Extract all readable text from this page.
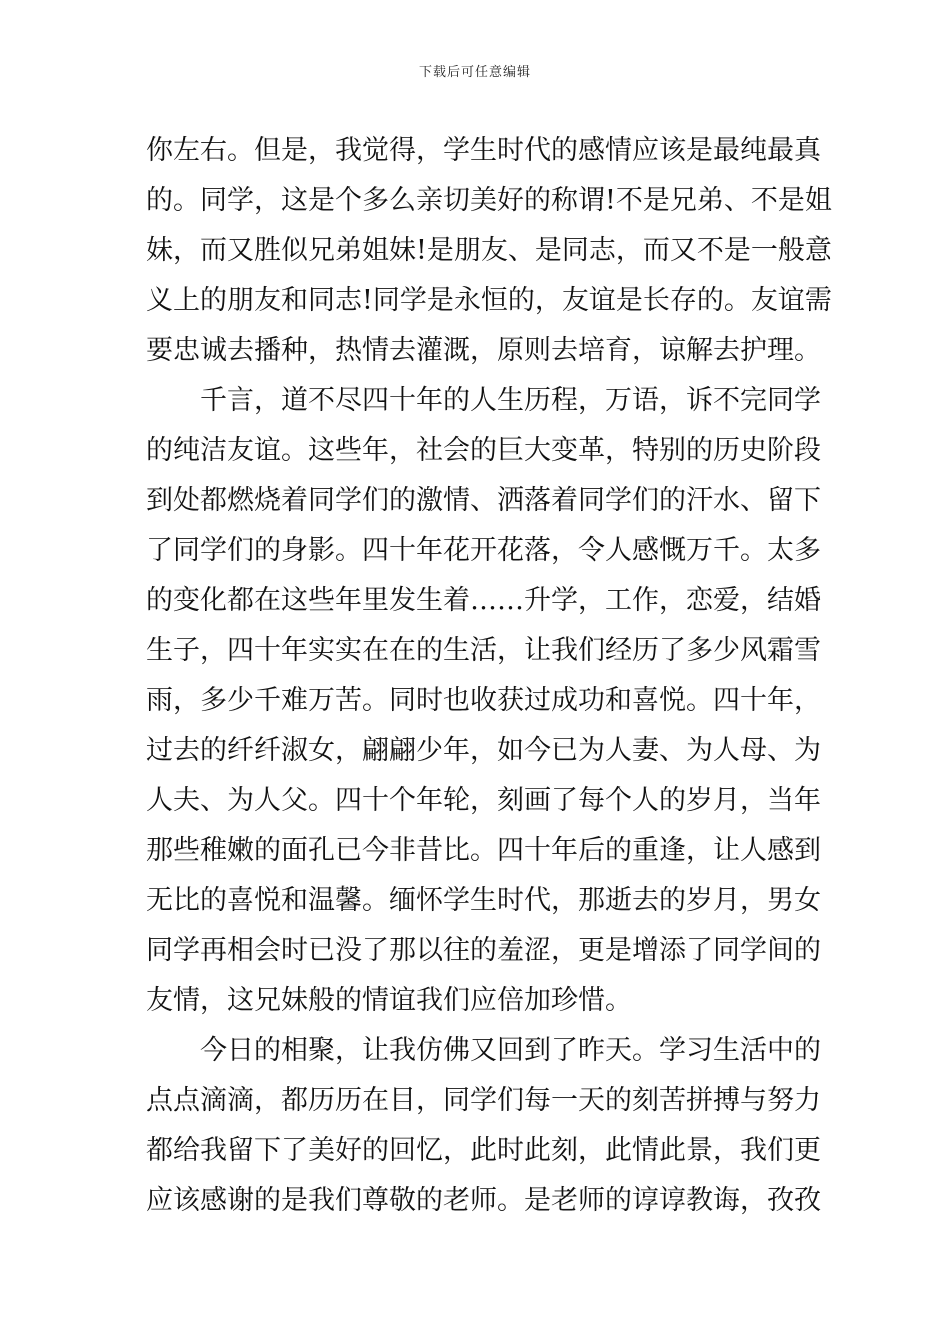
下载后可任意编辑
你左右。但是，我觉得，学生时代的感情应该是最纯最真
的。同学，这是个多么亲切美好的称谓!不是兄弟、不是姐
妹，而又胜似兄弟姐妹!是朋友、是同志，而又不是一般意
义上的朋友和同志!同学是永恒的，友谊是长存的。友谊需
要忠诚去播种，热情去灌溉，原则去培育，谅解去护理。
千言，道不尽四十年的人生历程，万语，诉不完同学
的纯洁友谊。这些年，社会的巨大变革，特别的历史阶段
到处都燃烧着同学们的激情、洒落着同学们的汗水、留下
了同学们的身影。四十年花开花落，令人感慨万千。太多
的变化都在这些年里发生着……升学，工作，恋爱，结婚
生子，四十年实实在在的生活，让我们经历了多少风霜雪
雨，多少千难万苦。同时也收获过成功和喜悦。四十年，
过去的纤纤淑女，翩翩少年，如今已为人妻、为人母、为
人夫、为人父。四十个年轮，刻画了每个人的岁月，当年
那些稚嫩的面孔已今非昔比。四十年后的重逢，让人感到
无比的喜悦和温馨。缅怀学生时代，那逝去的岁月，男女
同学再相会时已没了那以往的羞涩，更是增添了同学间的
友情，这兄妹般的情谊我们应倍加珍惜。
今日的相聚，让我仿佛又回到了昨天。学习生活中的
点点滴滴，都历历在目，同学们每一天的刻苦拼搏与努力
都给我留下了美好的回忆，此时此刻，此情此景，我们更
应该感谢的是我们尊敬的老师。是老师的谆谆教诲，孜孜
